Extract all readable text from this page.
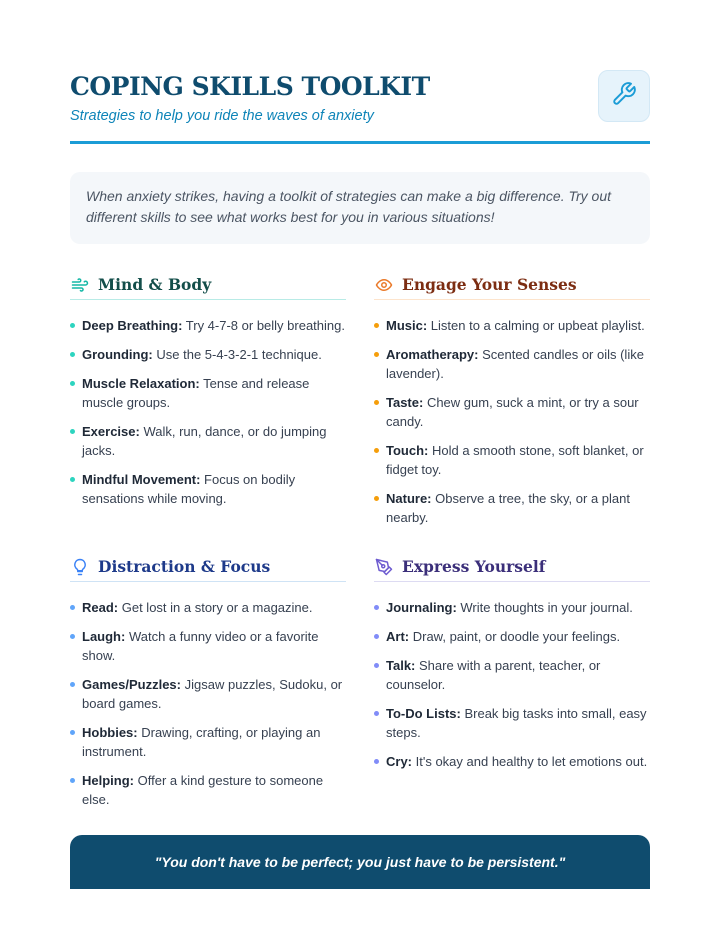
COPING SKILLS TOOLKIT
Strategies to help you ride the waves of anxiety
When anxiety strikes, having a toolkit of strategies can make a big difference. Try out different skills to see what works best for you in various situations!
Mind & Body
Deep Breathing: Try 4-7-8 or belly breathing.
Grounding: Use the 5-4-3-2-1 technique.
Muscle Relaxation: Tense and release muscle groups.
Exercise: Walk, run, dance, or do jumping jacks.
Mindful Movement: Focus on bodily sensations while moving.
Engage Your Senses
Music: Listen to a calming or upbeat playlist.
Aromatherapy: Scented candles or oils (like lavender).
Taste: Chew gum, suck a mint, or try a sour candy.
Touch: Hold a smooth stone, soft blanket, or fidget toy.
Nature: Observe a tree, the sky, or a plant nearby.
Distraction & Focus
Read: Get lost in a story or a magazine.
Laugh: Watch a funny video or a favorite show.
Games/Puzzles: Jigsaw puzzles, Sudoku, or board games.
Hobbies: Drawing, crafting, or playing an instrument.
Helping: Offer a kind gesture to someone else.
Express Yourself
Journaling: Write thoughts in your journal.
Art: Draw, paint, or doodle your feelings.
Talk: Share with a parent, teacher, or counselor.
To-Do Lists: Break big tasks into small, easy steps.
Cry: It's okay and healthy to let emotions out.
"You don't have to be perfect; you just have to be persistent."
